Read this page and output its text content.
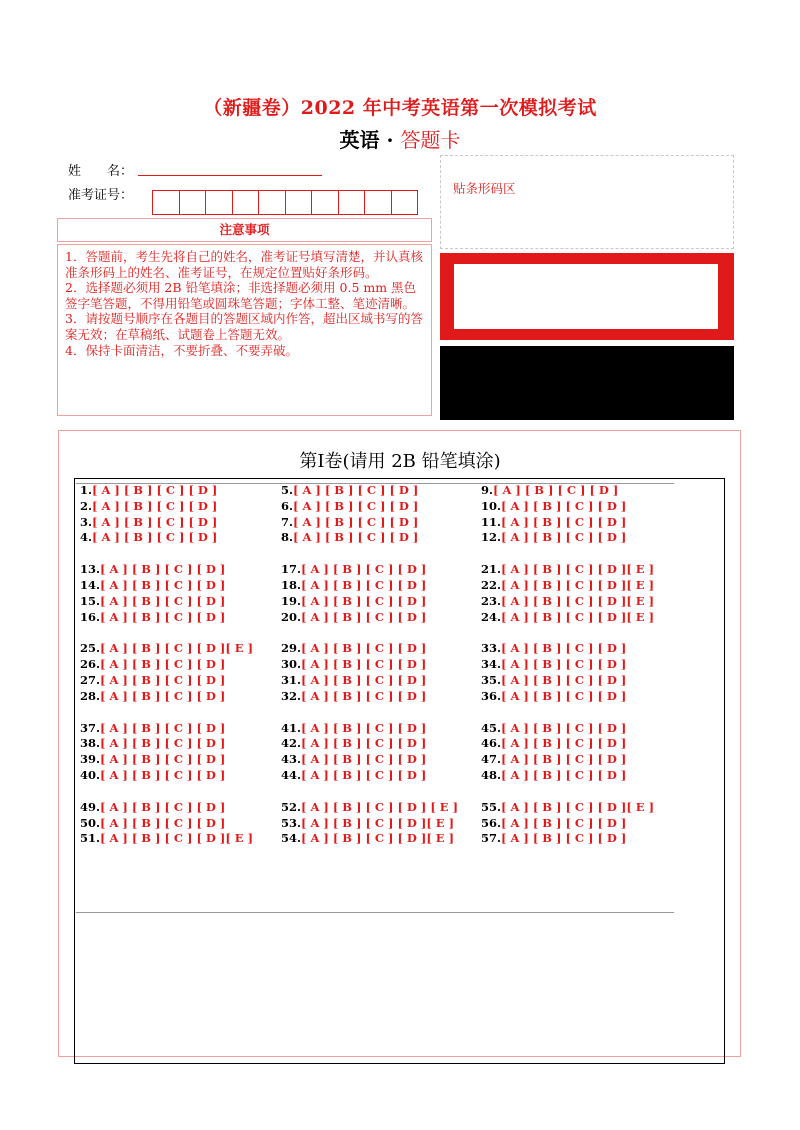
（新疆卷）2022 年中考英语第一次模拟考试
英语 · 答题卡
姓　　名：
准考证号：
注意事项

1．答题前，考生先将自己的姓名，准考证号填写清楚，并认真核准条形码上的姓名、准考证号，在规定位置贴好条形码。

2．选择题必须用 2B 铅笔填涂；非选择题必须用 0.5 mm 黑色签字笔答题，不得用铅笔或圆珠笔答题；字体工整、笔迹清晰。

3．请按题号顺序在各题目的答题区域内作答，超出区域书写的答案无效；在草稿纸、试题卷上答题无效。

4．保持卡面清洁，不要折叠、不要弄破。

贴条形码区
第Ⅰ卷(请用 2B 铅笔填涂)
1.[ A ] [ B ] [ C ] [ D ]
2.[ A ] [ B ] [ C ] [ D ]
3.[ A ] [ B ] [ C ] [ D ]
4.[ A ] [ B ] [ C ] [ D ]
13.[ A ] [ B ] [ C ] [ D ]
14.[ A ] [ B ] [ C ] [ D ]
15.[ A ] [ B ] [ C ] [ D ]
16.[ A ] [ B ] [ C ] [ D ]
25.[ A ] [ B ] [ C ] [ D ][ E ]
26.[ A ] [ B ] [ C ] [ D ]
27.[ A ] [ B ] [ C ] [ D ]
28.[ A ] [ B ] [ C ] [ D ]
37.[ A ] [ B ] [ C ] [ D ]
38.[ A ] [ B ] [ C ] [ D ]
39.[ A ] [ B ] [ C ] [ D ]
40.[ A ] [ B ] [ C ] [ D ]
49.[ A ] [ B ] [ C ] [ D ]
50.[ A ] [ B ] [ C ] [ D ]
51.[ A ] [ B ] [ C ] [ D ][ E ]
5.[ A ] [ B ] [ C ] [ D ]
6.[ A ] [ B ] [ C ] [ D ]
7.[ A ] [ B ] [ C ] [ D ]
8.[ A ] [ B ] [ C ] [ D ]
17.[ A ] [ B ] [ C ] [ D ]
18.[ A ] [ B ] [ C ] [ D ]
19.[ A ] [ B ] [ C ] [ D ]
20.[ A ] [ B ] [ C ] [ D ]
29.[ A ] [ B ] [ C ] [ D ]
30.[ A ] [ B ] [ C ] [ D ]
31.[ A ] [ B ] [ C ] [ D ]
32.[ A ] [ B ] [ C ] [ D ]
41.[ A ] [ B ] [ C ] [ D ]
42.[ A ] [ B ] [ C ] [ D ]
43.[ A ] [ B ] [ C ] [ D ]
44.[ A ] [ B ] [ C ] [ D ]
52.[ A ] [ B ] [ C ] [ D ] [ E ]
53.[ A ] [ B ] [ C ] [ D ][ E ]
54.[ A ] [ B ] [ C ] [ D ][ E ]
9.[ A ] [ B ] [ C ] [ D ]
10.[ A ] [ B ] [ C ] [ D ]
11.[ A ] [ B ] [ C ] [ D ]
12.[ A ] [ B ] [ C ] [ D ]
21.[ A ] [ B ] [ C ] [ D ][ E ]
22.[ A ] [ B ] [ C ] [ D ][ E ]
23.[ A ] [ B ] [ C ] [ D ][ E ]
24.[ A ] [ B ] [ C ] [ D ][ E ]
33.[ A ] [ B ] [ C ] [ D ]
34.[ A ] [ B ] [ C ] [ D ]
35.[ A ] [ B ] [ C ] [ D ]
36.[ A ] [ B ] [ C ] [ D ]
45.[ A ] [ B ] [ C ] [ D ]
46.[ A ] [ B ] [ C ] [ D ]
47.[ A ] [ B ] [ C ] [ D ]
48.[ A ] [ B ] [ C ] [ D ]
55.[ A ] [ B ] [ C ] [ D ][ E ]
56.[ A ] [ B ] [ C ] [ D ]
57.[ A ] [ B ] [ C ] [ D ]
